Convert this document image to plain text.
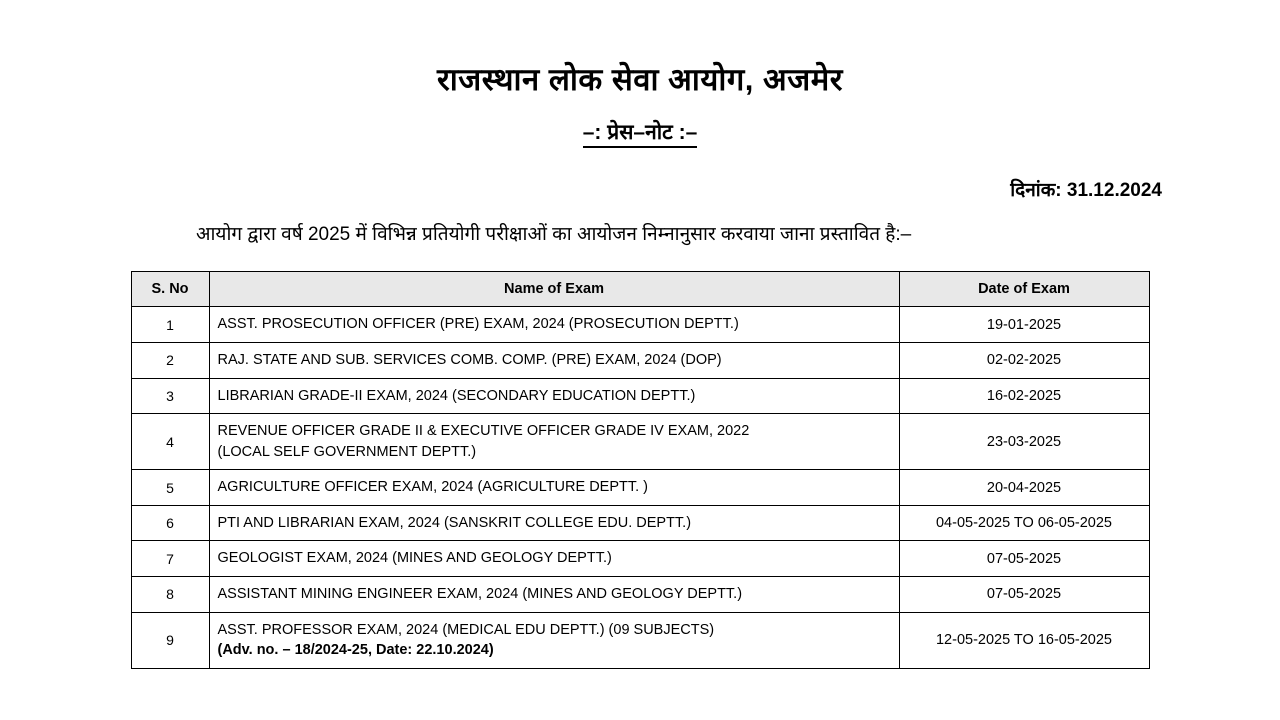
राजस्थान लोक सेवा आयोग, अजमेर
–: प्रेस–नोट :–
दिनांक: 31.12.2024

आयोग द्वारा वर्ष 2025 में विभिन्न प्रतियोगी परीक्षाओं का आयोजन निम्नानुसार करवाया जाना प्रस्तावित है:–

S. No	Name of Exam	Date of Exam
1	ASST. PROSECUTION OFFICER (PRE) EXAM, 2024 (PROSECUTION DEPTT.)	19-01-2025
2	RAJ. STATE AND SUB. SERVICES COMB. COMP. (PRE) EXAM, 2024 (DOP)	02-02-2025
3	LIBRARIAN GRADE-II EXAM, 2024 (SECONDARY EDUCATION DEPTT.)	16-02-2025
4	REVENUE OFFICER GRADE II & EXECUTIVE OFFICER GRADE IV EXAM, 2022
(LOCAL SELF GOVERNMENT DEPTT.)	23-03-2025
5	AGRICULTURE OFFICER EXAM, 2024 (AGRICULTURE DEPTT. )	20-04-2025
6	PTI AND LIBRARIAN EXAM, 2024 (SANSKRIT COLLEGE EDU. DEPTT.)	04-05-2025 TO 06-05-2025
7	GEOLOGIST EXAM, 2024 (MINES AND GEOLOGY DEPTT.)	07-05-2025
8	ASSISTANT MINING ENGINEER EXAM, 2024 (MINES AND GEOLOGY DEPTT.)	07-05-2025
9	ASST. PROFESSOR EXAM, 2024 (MEDICAL EDU DEPTT.) (09 SUBJECTS)
(Adv. no. – 18/2024-25, Date: 22.10.2024)	12-05-2025 TO 16-05-2025
